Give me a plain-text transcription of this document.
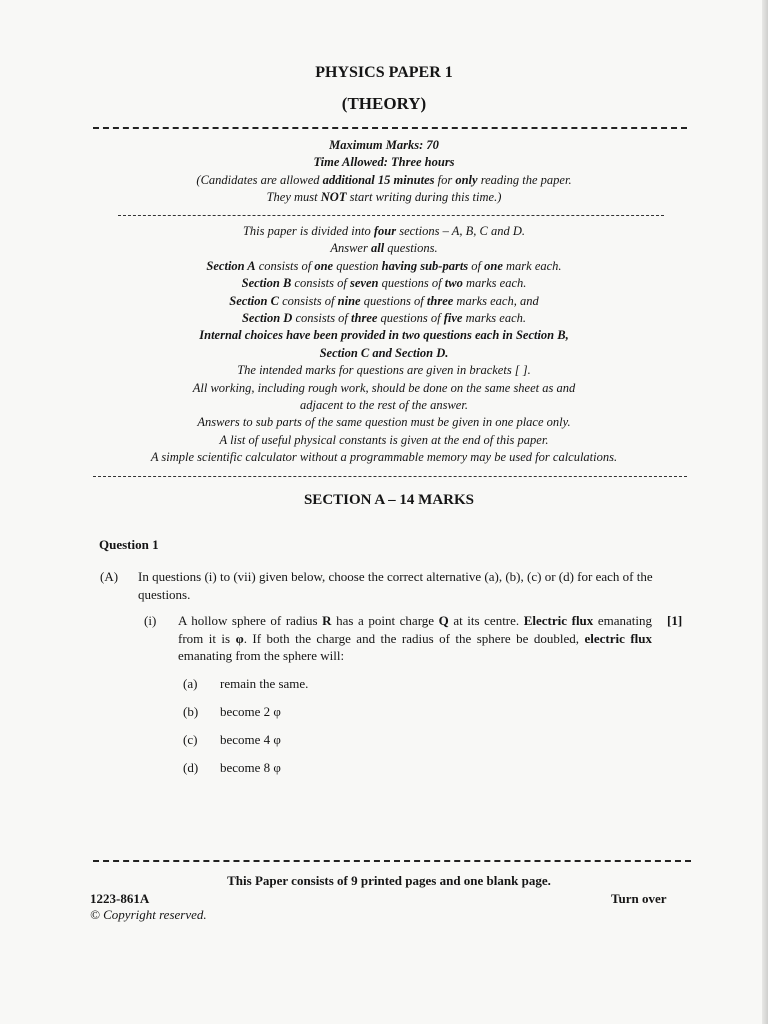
PHYSICS PAPER 1
(THEORY)
Maximum Marks: 70
Time Allowed: Three hours
(Candidates are allowed additional 15 minutes for only reading the paper.
They must NOT start writing during this time.)
This paper is divided into four sections – A, B, C and D.
Answer all questions.
Section A consists of one question having sub-parts of one mark each.
Section B consists of seven questions of two marks each.
Section C consists of nine questions of three marks each, and
Section D consists of three questions of five marks each.
Internal choices have been provided in two questions each in Section B,
Section C and Section D.
The intended marks for questions are given in brackets [ ].
All working, including rough work, should be done on the same sheet as and
adjacent to the rest of the answer.
Answers to sub parts of the same question must be given in one place only.
A list of useful physical constants is given at the end of this paper.
A simple scientific calculator without a programmable memory may be used for calculations.
SECTION A – 14 MARKS
Question 1
(A) In questions (i) to (vii) given below, choose the correct alternative (a), (b), (c) or (d) for each of the questions.
(i) A hollow sphere of radius R has a point charge Q at its centre. Electric flux emanating from it is φ. If both the charge and the radius of the sphere be doubled, electric flux emanating from the sphere will:
[1]
(a) remain the same.
(b) become 2 φ
(c) become 4 φ
(d) become 8 φ
This Paper consists of 9 printed pages and one blank page.
1223-861A
© Copyright reserved.
Turn over
